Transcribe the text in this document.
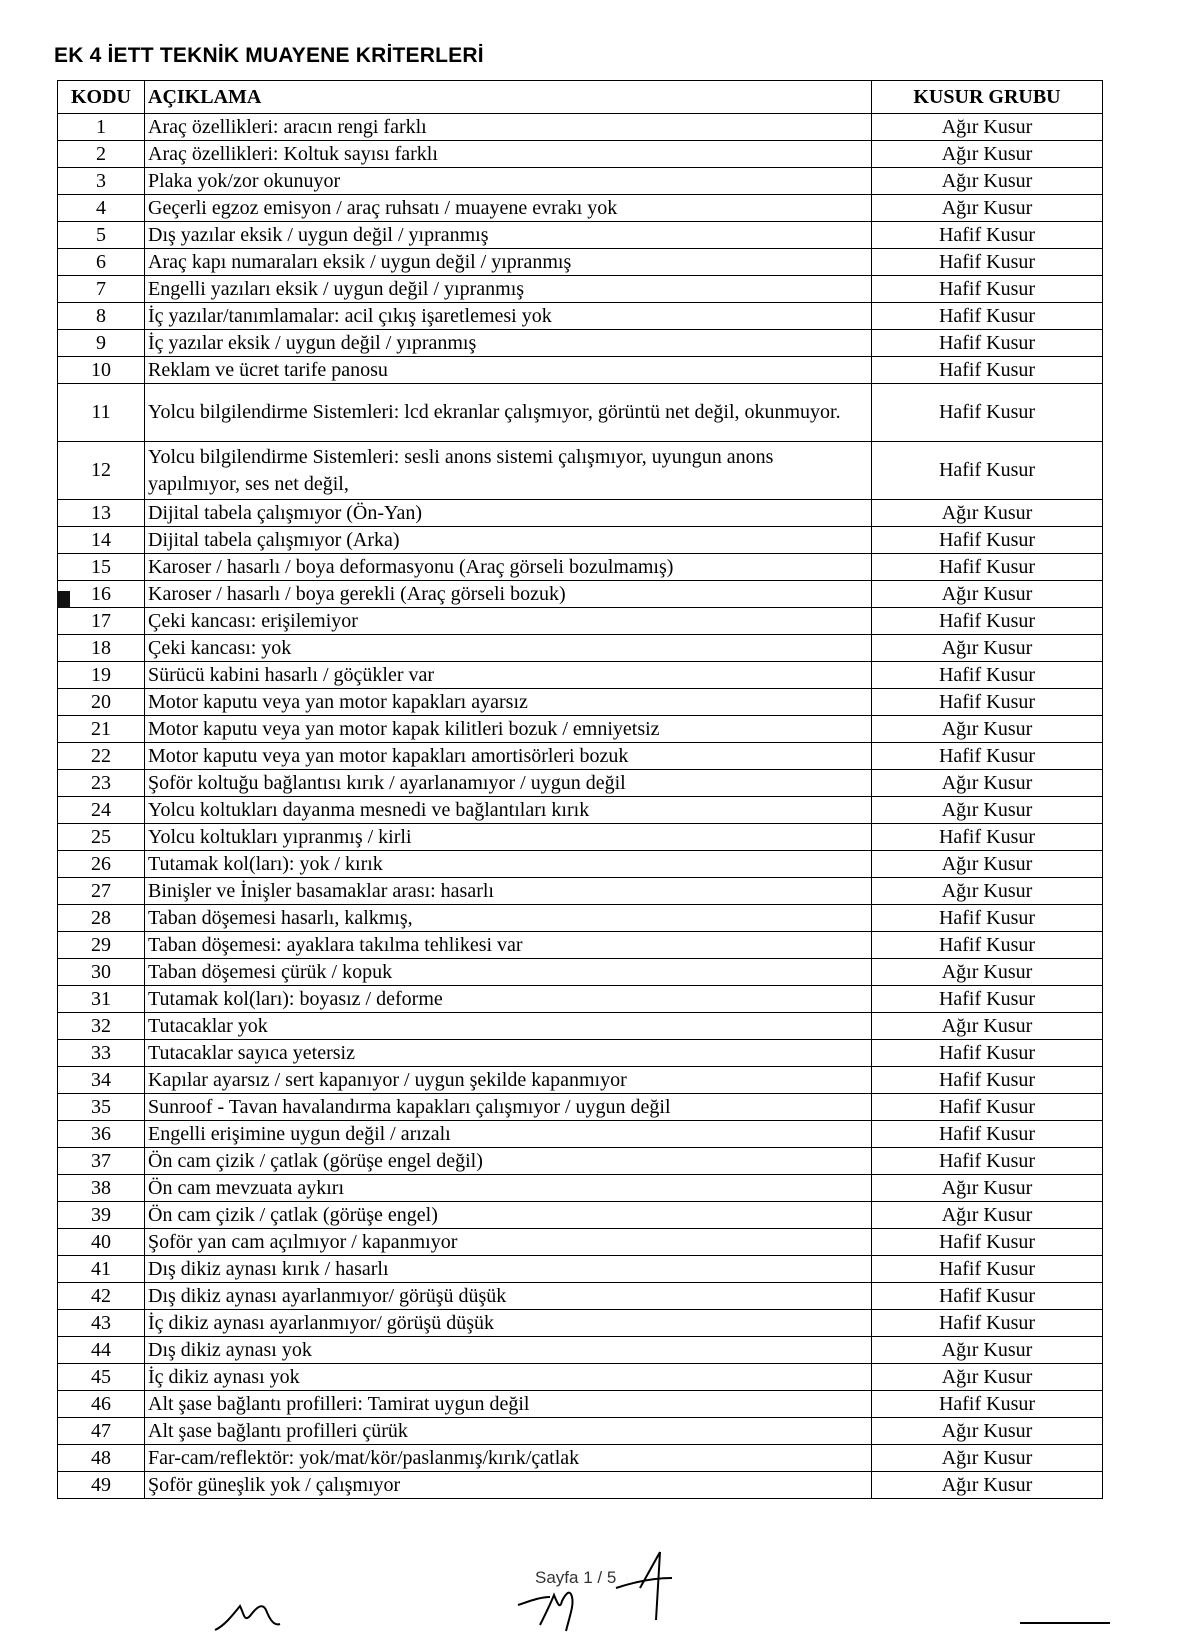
EK 4 İETT TEKNİK MUAYENE KRİTERLERİ
KODU	AÇIKLAMA	KUSUR GRUBU
1	Araç özellikleri: aracın rengi farklı	Ağır Kusur
2	Araç özellikleri: Koltuk sayısı farklı	Ağır Kusur
3	Plaka yok/zor okunuyor	Ağır Kusur
4	Geçerli egzoz emisyon / araç ruhsatı / muayene evrakı yok	Ağır Kusur
5	Dış yazılar eksik / uygun değil / yıpranmış	Hafif Kusur
6	Araç kapı numaraları eksik / uygun değil / yıpranmış	Hafif Kusur
7	Engelli yazıları eksik / uygun değil / yıpranmış	Hafif Kusur
8	İç yazılar/tanımlamalar: acil çıkış işaretlemesi yok	Hafif Kusur
9	İç yazılar eksik / uygun değil / yıpranmış	Hafif Kusur
10	Reklam ve ücret tarife panosu	Hafif Kusur
11	Yolcu bilgilendirme Sistemleri: lcd ekranlar çalışmıyor, görüntü net değil, okunmuyor.	Hafif Kusur
12	Yolcu bilgilendirme Sistemleri: sesli anons sistemi çalışmıyor, uyungun anons yapılmıyor, ses net değil,	Hafif Kusur
13	Dijital tabela çalışmıyor (Ön-Yan)	Ağır Kusur
14	Dijital tabela çalışmıyor (Arka)	Hafif Kusur
15	Karoser / hasarlı / boya deformasyonu (Araç görseli bozulmamış)	Hafif Kusur
16	Karoser / hasarlı / boya gerekli (Araç görseli bozuk)	Ağır Kusur
17	Çeki kancası: erişilemiyor	Hafif Kusur
18	Çeki kancası: yok	Ağır Kusur
19	Sürücü kabini hasarlı / göçükler var	Hafif Kusur
20	Motor kaputu veya yan motor kapakları ayarsız	Hafif Kusur
21	Motor kaputu veya yan motor kapak kilitleri bozuk / emniyetsiz	Ağır Kusur
22	Motor kaputu veya yan motor kapakları amortisörleri bozuk	Hafif Kusur
23	Şoför koltuğu bağlantısı kırık / ayarlanamıyor / uygun değil	Ağır Kusur
24	Yolcu koltukları dayanma mesnedi ve bağlantıları kırık	Ağır Kusur
25	Yolcu koltukları yıpranmış / kirli	Hafif Kusur
26	Tutamak kol(ları): yok / kırık	Ağır Kusur
27	Binişler ve İnişler basamaklar arası: hasarlı	Ağır Kusur
28	Taban döşemesi hasarlı, kalkmış,	Hafif Kusur
29	Taban döşemesi: ayaklara takılma tehlikesi var	Hafif Kusur
30	Taban döşemesi çürük / kopuk	Ağır Kusur
31	Tutamak kol(ları): boyasız / deforme	Hafif Kusur
32	Tutacaklar yok	Ağır Kusur
33	Tutacaklar sayıca yetersiz	Hafif Kusur
34	Kapılar ayarsız / sert kapanıyor / uygun şekilde kapanmıyor	Hafif Kusur
35	Sunroof - Tavan havalandırma kapakları çalışmıyor / uygun değil	Hafif Kusur
36	Engelli erişimine uygun değil / arızalı	Hafif Kusur
37	Ön cam çizik / çatlak (görüşe engel değil)	Hafif Kusur
38	Ön cam mevzuata aykırı	Ağır Kusur
39	Ön cam çizik / çatlak (görüşe engel)	Ağır Kusur
40	Şoför yan cam açılmıyor / kapanmıyor	Hafif Kusur
41	Dış dikiz aynası kırık / hasarlı	Hafif Kusur
42	Dış dikiz aynası ayarlanmıyor/ görüşü düşük	Hafif Kusur
43	İç dikiz aynası ayarlanmıyor/ görüşü düşük	Hafif Kusur
44	Dış dikiz aynası yok	Ağır Kusur
45	İç dikiz aynası yok	Ağır Kusur
46	Alt şase bağlantı profilleri: Tamirat uygun değil	Hafif Kusur
47	Alt şase bağlantı profilleri çürük	Ağır Kusur
48	Far-cam/reflektör: yok/mat/kör/paslanmış/kırık/çatlak	Ağır Kusur
49	Şoför güneşlik yok / çalışmıyor	Ağır Kusur
Sayfa 1 / 5
